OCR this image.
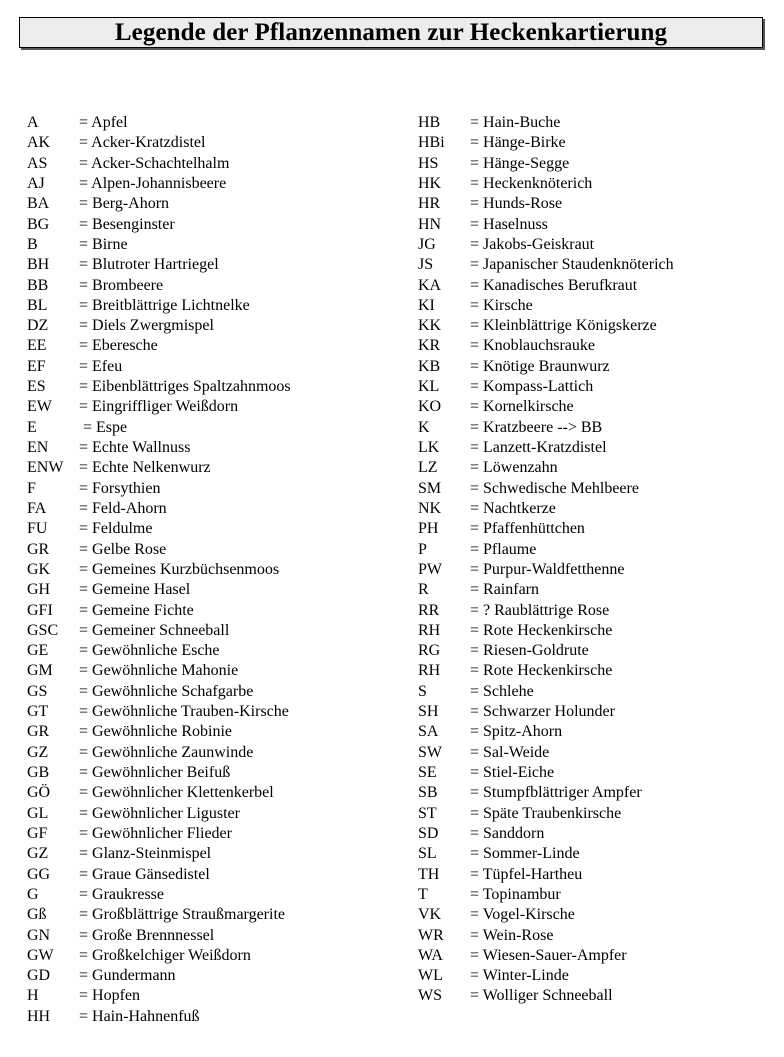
Legende der Pflanzennamen zur Heckenkartierung
A	= Apfel
AK = Acker-Kratzdistel
AS = Acker-Schachtelhalm
AJ = Alpen-Johannisbeere
BA = Berg-Ahorn
BG = Besenginster
B	= Birne
BH = Blutroter Hartriegel
BB = Brombeere
BL = Breitblättrige Lichtnelke
DZ = Diels Zwergmispel
EE = Eberesche
EF = Efeu
ES = Eibenblättriges Spaltzahnmoos
EW = Eingriffliger Weißdorn
E	= Espe
EN = Echte Wallnuss
ENW = Echte Nelkenwurz
F	= Forsythien
FA = Feld-Ahorn
FU = Feldulme
GR = Gelbe Rose
GK = Gemeines Kurzbüchsenmoos
GH = Gemeine Hasel
GFI = Gemeine Fichte
GSC = Gemeiner Schneeball
GE = Gewöhnliche Esche
GM = Gewöhnliche Mahonie
GS = Gewöhnliche Schafgarbe
GT = Gewöhnliche Trauben-Kirsche
GR = Gewöhnliche Robinie
GZ = Gewöhnliche Zaunwinde
GB = Gewöhnlicher Beifuß
GÖ = Gewöhnlicher Klettenkerbel
GL = Gewöhnlicher Liguster
GF = Gewöhnlicher Flieder
GZ = Glanz-Steinmispel
GG = Graue Gänsedistel
G	= Graukresse
Gß = Großblättrige Straußmargerite
GN = Große Brennnessel
GW = Großkelchiger Weißdorn
GD = Gundermann
H	= Hopfen
HH = Hain-Hahnenfuß
HB = Hain-Buche
HBi = Hänge-Birke
HS = Hänge-Segge
HK = Heckenknöterich
HR = Hunds-Rose
HN = Haselnuss
JG = Jakobs-Geiskraut
JS = Japanischer Staudenknöterich
KA = Kanadisches Berufkraut
KI = Kirsche
KK = Kleinblättrige Königskerze
KR = Knoblauchsrauke
KB = Knötige Braunwurz
KL = Kompass-Lattich
KO = Kornelkirsche
K	= Kratzbeere --> BB
LK = Lanzett-Kratzdistel
LZ = Löwenzahn
SM = Schwedische Mehlbeere
NK = Nachtkerze
PH = Pfaffenhüttchen
P	= Pflaume
PW = Purpur-Waldfetthenne
R	= Rainfarn
RR = ? Raublättrige Rose
RH = Rote Heckenkirsche
RG = Riesen-Goldrute
RH = Rote Heckenkirsche
S	= Schlehe
SH = Schwarzer Holunder
SA = Spitz-Ahorn
SW = Sal-Weide
SE = Stiel-Eiche
SB = Stumpfblättriger Ampfer
ST = Späte Traubenkirsche
SD = Sanddorn
SL = Sommer-Linde
TH = Tüpfel-Hartheu
T	= Topinambur
VK = Vogel-Kirsche
WR = Wein-Rose
WA = Wiesen-Sauer-Ampfer
WL = Winter-Linde
WS = Wolliger Schneeball
